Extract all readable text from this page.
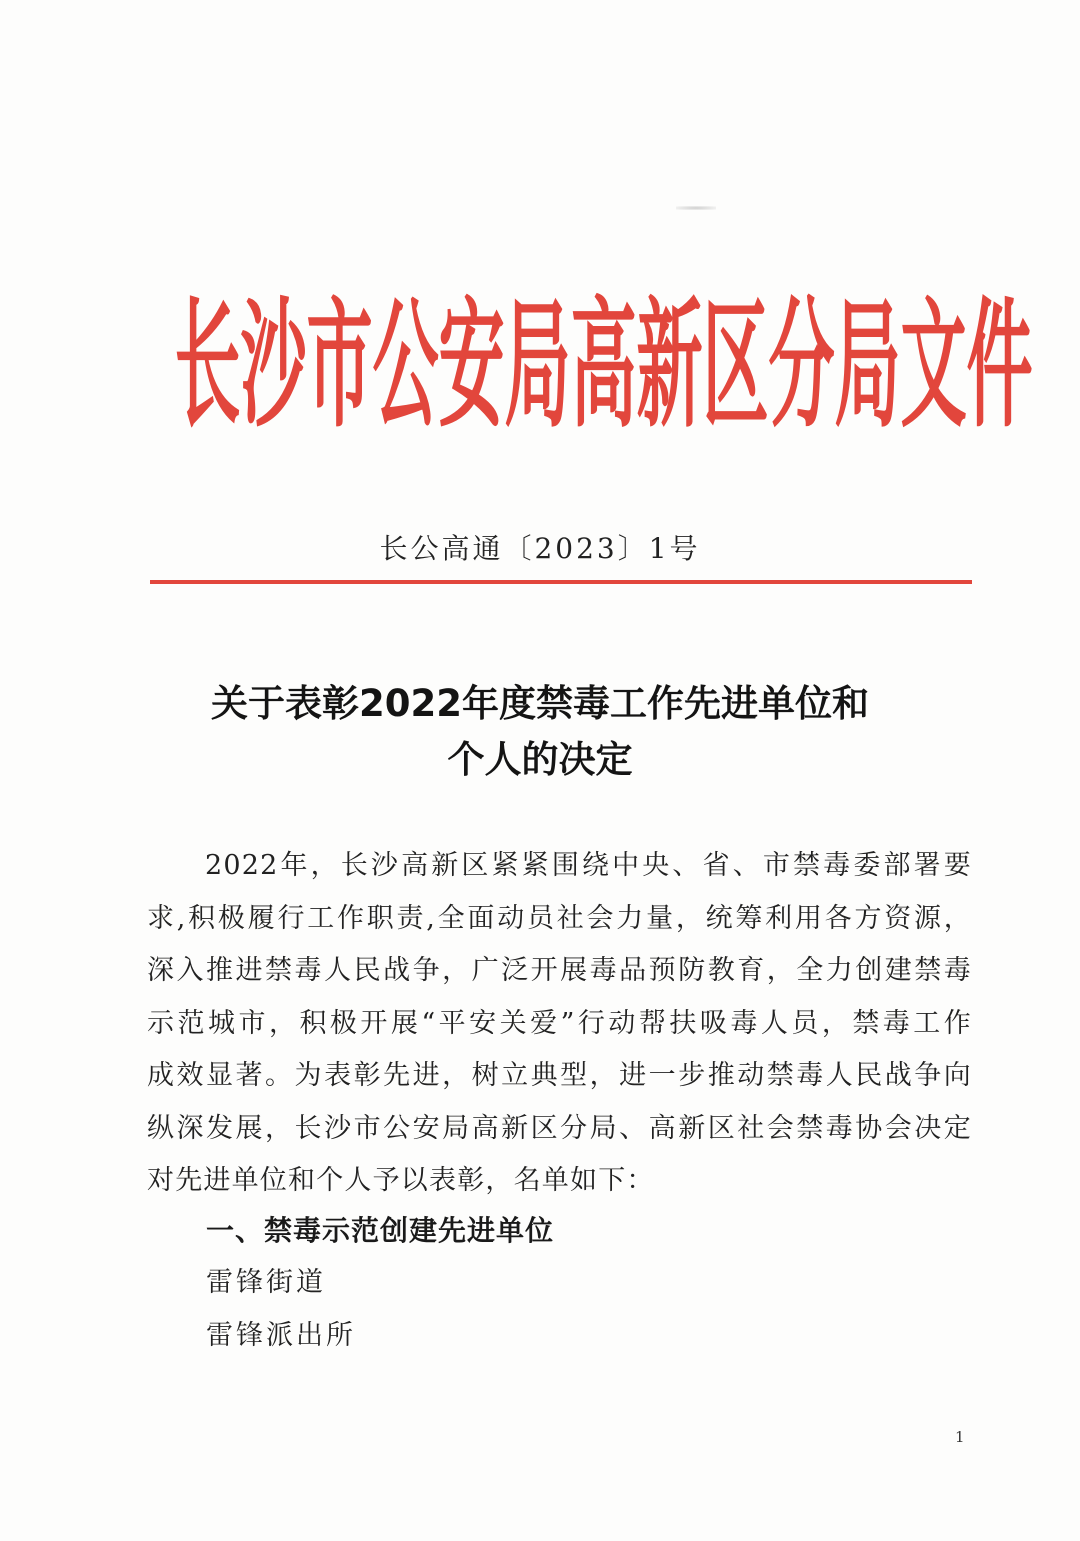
长 沙 市 公 安 局 高 新 区 分 局 文 件
长公高通〔2023〕1号
关于表彰2022年度禁毒工作先进单位和
个人的决定
2022年，长沙高新区紧紧围绕中央、省、市禁毒委部署要
求,积极履行工作职责,全面动员社会力量，统筹利用各方资源，
深入推进禁毒人民战争，广泛开展毒品预防教育，全力创建禁毒
示范城市，积极开展“平安关爱”行动帮扶吸毒人员，禁毒工作
成效显著。为表彰先进，树立典型，进一步推动禁毒人民战争向
纵深发展，长沙市公安局高新区分局、高新区社会禁毒协会决定
对先进单位和个人予以表彰，名单如下：
一、禁毒示范创建先进单位
雷锋街道
雷锋派出所
1
